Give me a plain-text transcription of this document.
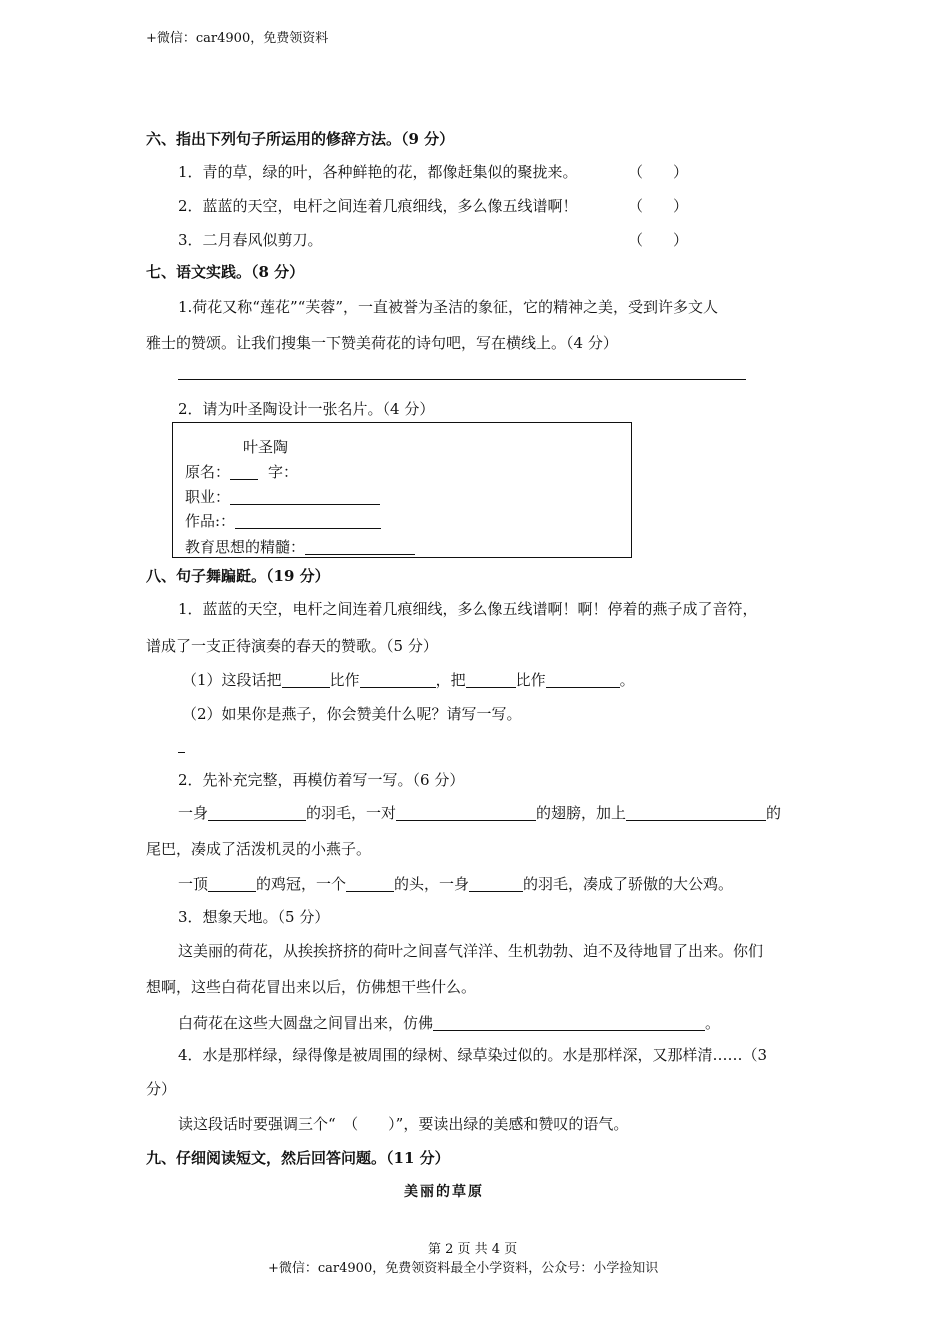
+微信：car4900，免费领资料
六、指出下列句子所运用的修辞方法。（9 分）
1．青的草，绿的叶，各种鲜艳的花，都像赶集似的聚拢来。	（　　）
2．蓝蓝的天空，电杆之间连着几痕细线，多么像五线谱啊！	（　　）
3．二月春风似剪刀。	（　　）
七、语文实践。（8 分）
1.荷花又称“莲花”“芙蓉”，一直被誉为圣洁的象征，它的精神之美，受到许多文人
雅士的赞颂。让我们搜集一下赞美荷花的诗句吧，写在横线上。（4 分）
2．请为叶圣陶设计一张名片。（4 分）
叶圣陶
原名：	字：
职业：
作品:：
教育思想的精髓：
八、句子舞蹁跹。（19 分）
1．蓝蓝的天空，电杆之间连着几痕细线，多么像五线谱啊！啊！停着的燕子成了音符，
谱成了一支正待演奏的春天的赞歌。（5 分）
（1）这段话把	比作	，把	比作	。
（2）如果你是燕子，你会赞美什么呢？请写一写。
2．先补充完整，再模仿着写一写。（6 分）
一身	的羽毛，一对	的翅膀，加上	的
尾巴，凑成了活泼机灵的小燕子。
一顶	的鸡冠，一个	的头，一身	的羽毛，凑成了骄傲的大公鸡。
3．想象天地。（5 分）
这美丽的荷花，从挨挨挤挤的荷叶之间喜气洋洋、生机勃勃、迫不及待地冒了出来。你们
想啊，这些白荷花冒出来以后，仿佛想干些什么。
白荷花在这些大圆盘之间冒出来，仿佛	。
4．水是那样绿，绿得像是被周围的绿树、绿草染过似的。水是那样深，又那样清……（3
分）
读这段话时要强调三个“　（　　）”，要读出绿的美感和赞叹的语气。
九、仔细阅读短文，然后回答问题。（11 分）
美丽的草原
第 2 页 共 4 页
+微信：car4900，免费领资料最全小学资料，公众号：小学捡知识
